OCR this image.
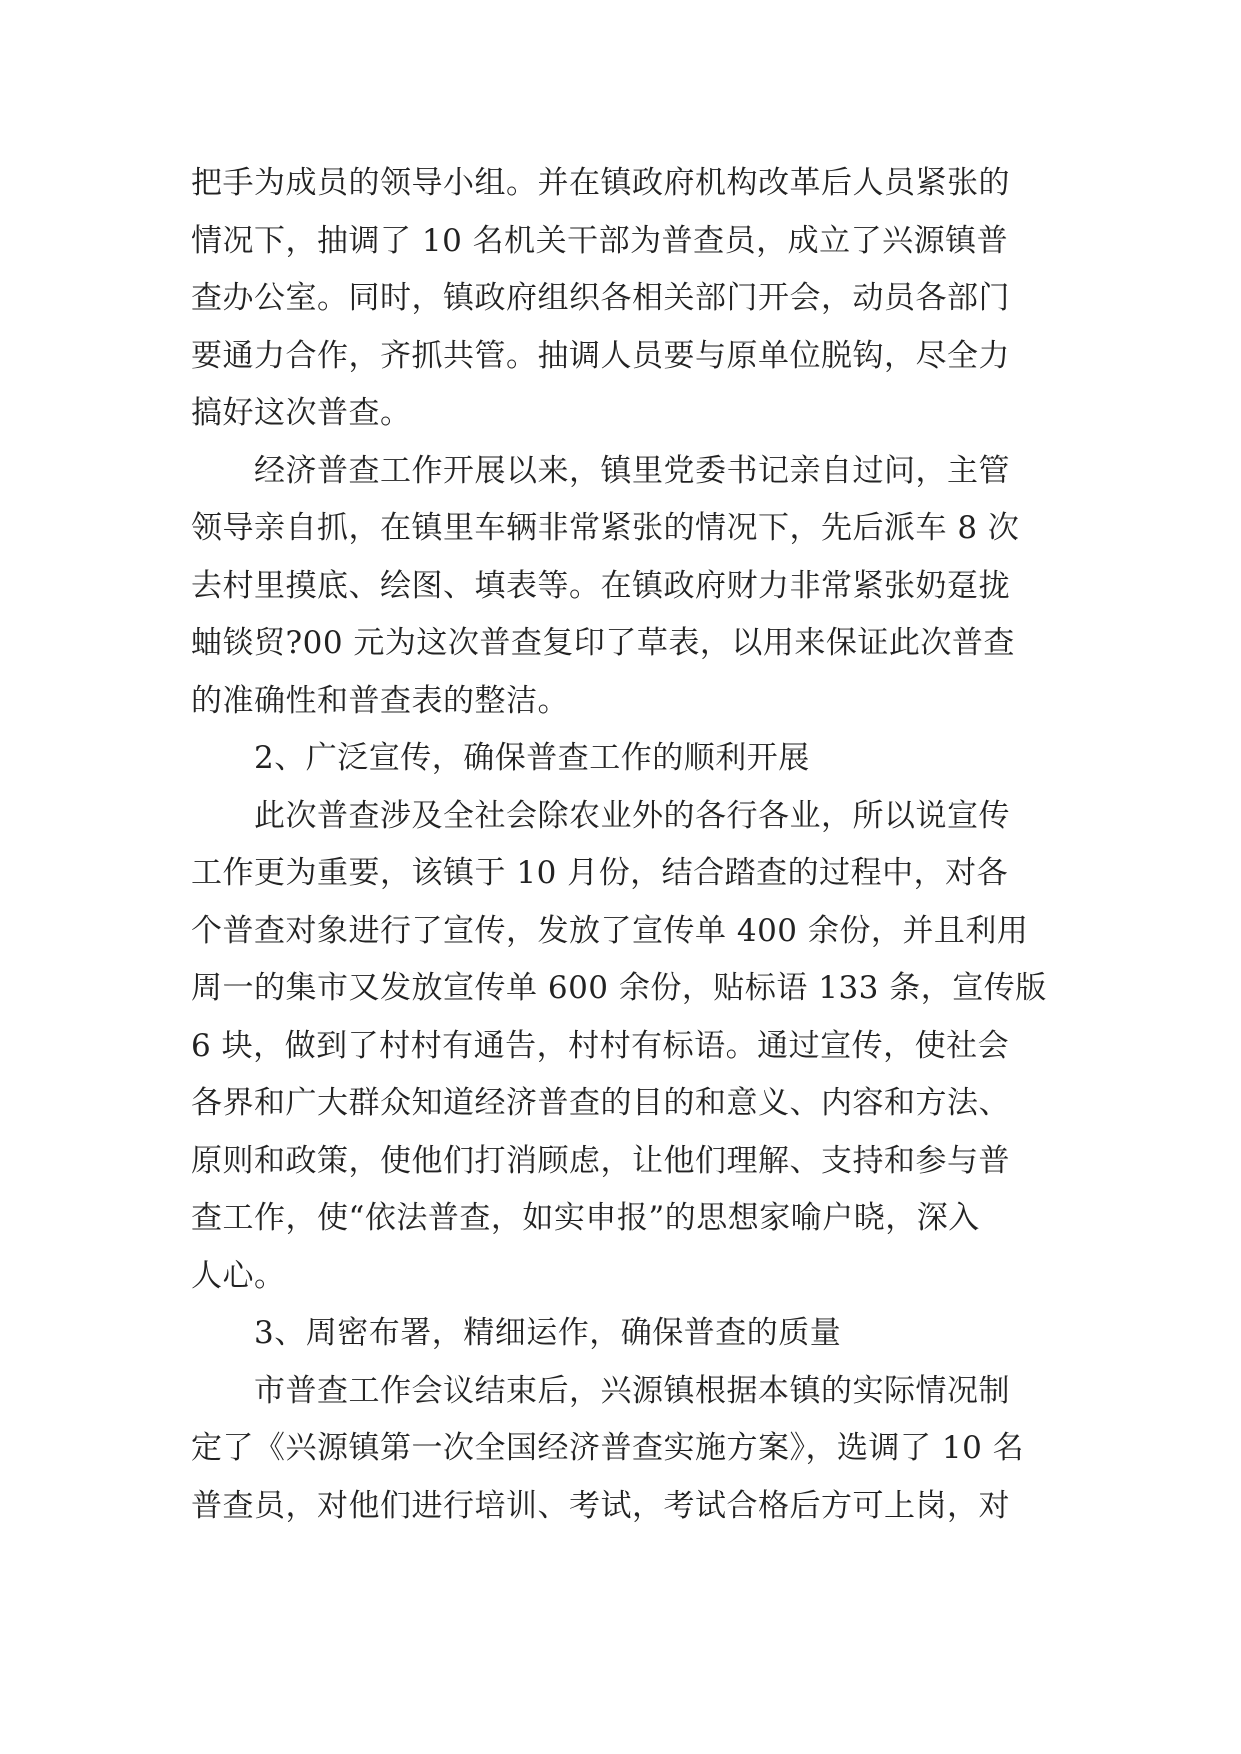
把手为成员的领导小组。并在镇政府机构改革后人员紧张的
情况下，抽调了 10 名机关干部为普查员，成立了兴源镇普
查办公室。同时，镇政府组织各相关部门开会，动员各部门
要通力合作，齐抓共管。抽调人员要与原单位脱钩，尽全力
搞好这次普查。
　　经济普查工作开展以来，镇里党委书记亲自过问，主管
领导亲自抓，在镇里车辆非常紧张的情况下，先后派车 8 次
去村里摸底、绘图、填表等。在镇政府财力非常紧张奶趸拢
蚰锬贸?00 元为这次普查复印了草表，以用来保证此次普查
的准确性和普查表的整洁。
　　2、广泛宣传，确保普查工作的顺利开展
　　此次普查涉及全社会除农业外的各行各业，所以说宣传
工作更为重要，该镇于 10 月份，结合踏查的过程中，对各
个普查对象进行了宣传，发放了宣传单 400 余份，并且利用
周一的集市又发放宣传单 600 余份，贴标语 133 条，宣传版
6 块，做到了村村有通告，村村有标语。通过宣传，使社会
各界和广大群众知道经济普查的目的和意义、内容和方法、
原则和政策，使他们打消顾虑，让他们理解、支持和参与普
查工作，使“依法普查，如实申报”的思想家喻户晓，深入
人心。
　　3、周密布署，精细运作，确保普查的质量
　　市普查工作会议结束后，兴源镇根据本镇的实际情况制
定了《兴源镇第一次全国经济普查实施方案》，选调了 10 名
普查员，对他们进行培训、考试，考试合格后方可上岗，对
